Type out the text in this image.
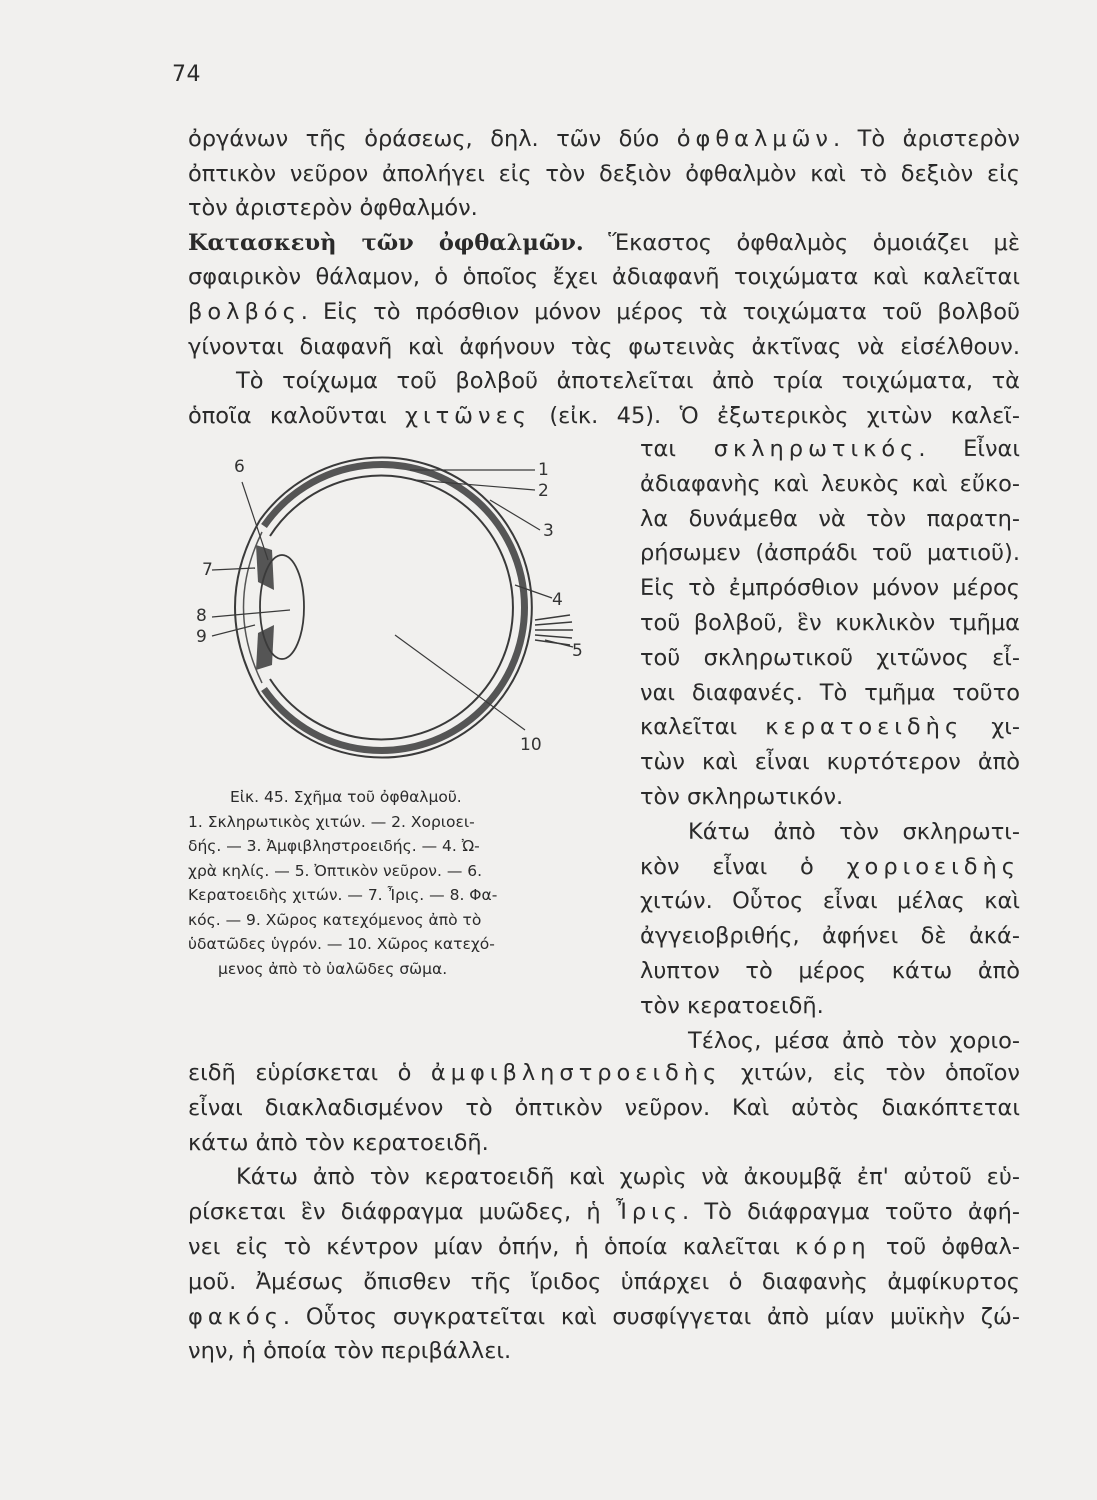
74
ὀργάνων τῆς ὁράσεως, δηλ. τῶν δύο ὀφθαλμῶν. Τὸ ἀριστερὸν
ὀπτικὸν νεῦρον ἀπολήγει εἰς τὸν δεξιὸν ὀφθαλμὸν καὶ τὸ δεξιὸν εἰς
τὸν ἀριστερὸν ὀφθαλμόν.
Κατασκευὴ τῶν ὀφθαλμῶν. Ἕκαστος ὀφθαλμὸς ὁμοιάζει μὲ
σφαιρικὸν θάλαμον, ὁ ὁποῖος ἔχει ἀδιαφανῆ τοιχώματα καὶ καλεῖται
βολβός. Εἰς τὸ πρόσθιον μόνον μέρος τὰ τοιχώματα τοῦ βολβοῦ
γίνονται διαφανῆ καὶ ἀφήνουν τὰς φωτεινὰς ἀκτῖνας νὰ εἰσέλθουν.
Τὸ τοίχωμα τοῦ βολβοῦ ἀποτελεῖται ἀπὸ τρία τοιχώματα, τὰ
ὁποῖα καλοῦνται χιτῶνες (εἰκ. 45). Ὁ ἐξωτερικὸς χιτὼν καλεῖ-
ται σκληρωτικός. Εἶναι
ἀδιαφανὴς καὶ λευκὸς καὶ εὔκο-
λα δυνάμεθα νὰ τὸν παρατη-
ρήσωμεν (ἀσπράδι τοῦ ματιοῦ).
Εἰς τὸ ἐμπρόσθιον μόνον μέρος
τοῦ βολβοῦ, ἓν κυκλικὸν τμῆμα
τοῦ σκληρωτικοῦ χιτῶνος εἶ-
ναι διαφανές. Τὸ τμῆμα τοῦτο
καλεῖται κερατοειδὴς χι-
τὼν καὶ εἶναι κυρτότερον ἀπὸ
τὸν σκληρωτικόν.
Κάτω ἀπὸ τὸν σκληρωτι-
κὸν εἶναι ὁ χοριοειδὴς
χιτών. Οὗτος εἶναι μέλας καὶ
ἀγγειοβριθής, ἀφήνει δὲ ἀκά-
λυπτον τὸ μέρος κάτω ἀπὸ
τὸν κερατοειδῆ.
Τέλος, μέσα ἀπὸ τὸν χοριο-
ειδῆ εὑρίσκεται ὁ ἀμφιβληστροειδὴς χιτών, εἰς τὸν ὁποῖον
εἶναι διακλαδισμένον τὸ ὀπτικὸν νεῦρον. Καὶ αὐτὸς διακόπτεται
κάτω ἀπὸ τὸν κερατοειδῆ.
Κάτω ἀπὸ τὸν κερατοειδῆ καὶ χωρὶς νὰ ἀκουμβᾷ ἐπ' αὐτοῦ εὑ-
ρίσκεται ἓν διάφραγμα μυῶδες, ἡ Ἶρις. Τὸ διάφραγμα τοῦτο ἀφή-
νει εἰς τὸ κέντρον μίαν ὀπήν, ἡ ὁποία καλεῖται κόρη τοῦ ὀφθαλ-
μοῦ. Ἀμέσως ὄπισθεν τῆς ἴριδος ὑπάρχει ὁ διαφανὴς ἀμφίκυρτος
φακός. Οὗτος συγκρατεῖται καὶ συσφίγγεται ἀπὸ μίαν μυϊκὴν ζώ-
νην, ἡ ὁποία τὸν περιβάλλει.
1
2
3
4
5
6
7
8
9
10
Εἰκ. 45. Σχῆμα τοῦ ὀφθαλμοῦ.
1. Σκληρωτικὸς χιτών. — 2. Χοριοει-
δής. — 3. Ἀμφιβληστροειδής. — 4. Ὠ-
χρὰ κηλίς. — 5. Ὀπτικὸν νεῦρον. — 6.
Κερατοειδὴς χιτών. — 7. Ἶρις. — 8. Φα-
κός. — 9. Χῶρος κατεχόμενος ἀπὸ τὸ
ὑδατῶδες ὑγρόν. — 10. Χῶρος κατεχό-
μενος ἀπὸ τὸ ὑαλῶδες σῶμα.
